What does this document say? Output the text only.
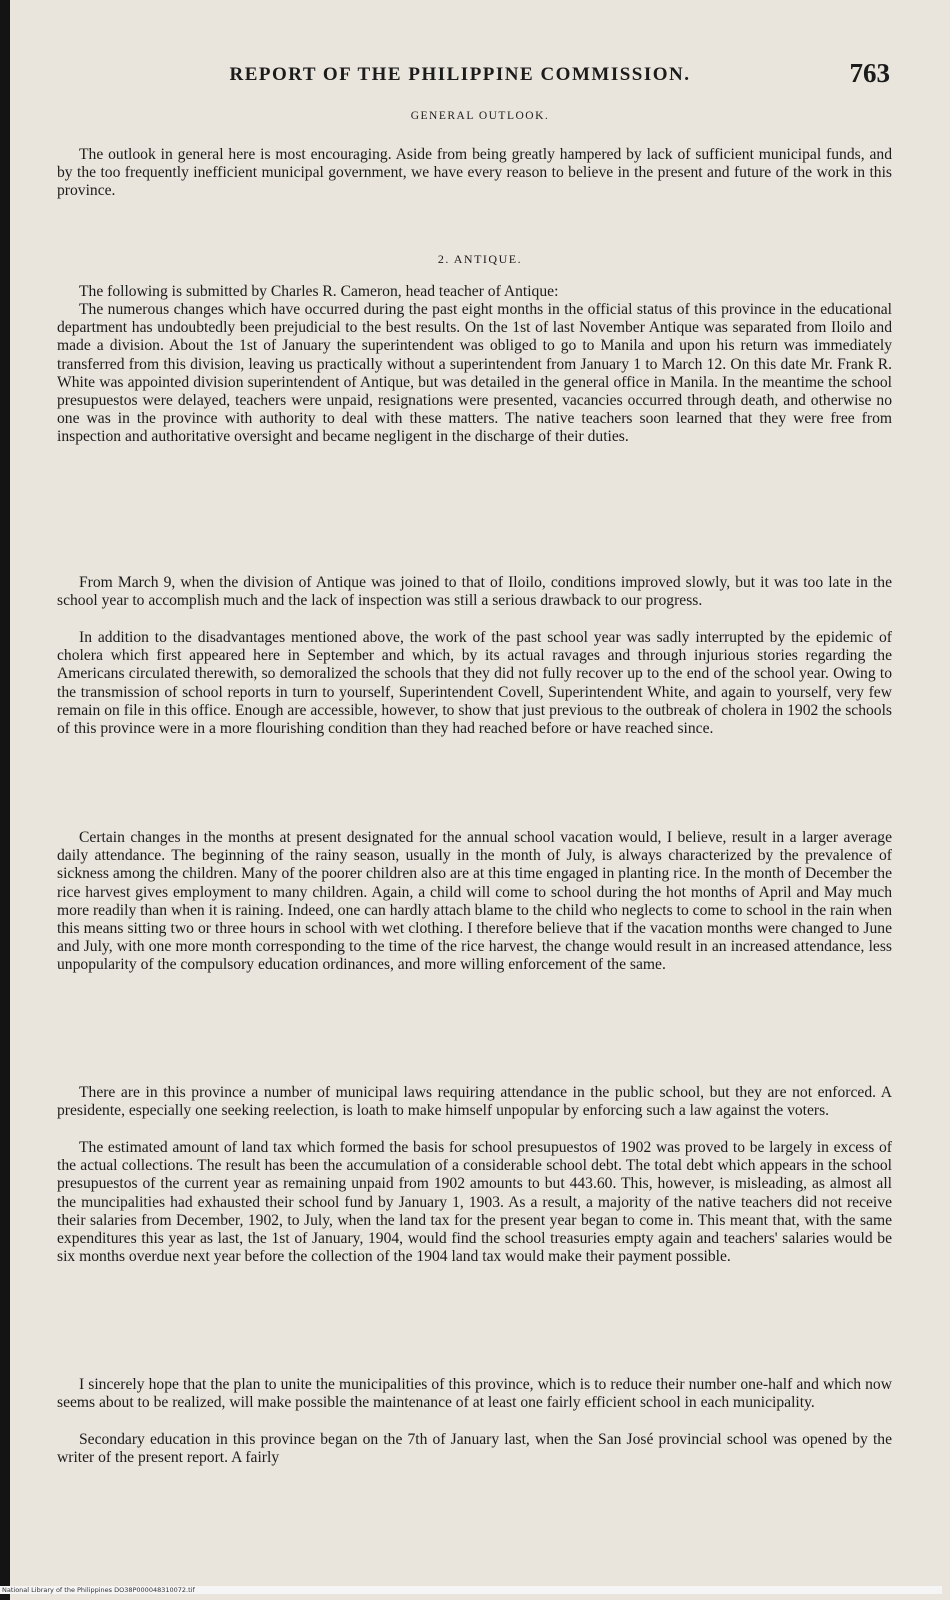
REPORT OF THE PHILIPPINE COMMISSION.	763
GENERAL OUTLOOK.

The outlook in general here is most encouraging. Aside from being greatly hampered by lack of sufficient municipal funds, and by the too frequently inefficient municipal government, we have every reason to believe in the present and future of the work in this province.

2. ANTIQUE.

The following is submitted by Charles R. Cameron, head teacher of Antique:

The numerous changes which have occurred during the past eight months in the official status of this province in the educational department has undoubtedly been prejudicial to the best results. On the 1st of last November Antique was separated from Iloilo and made a division. About the 1st of January the superintendent was obliged to go to Manila and upon his return was immediately transferred from this division, leaving us practically without a superintendent from January 1 to March 12. On this date Mr. Frank R. White was appointed division superintendent of Antique, but was detailed in the general office in Manila. In the meantime the school presupuestos were delayed, teachers were unpaid, resignations were presented, vacancies occurred through death, and otherwise no one was in the province with authority to deal with these matters. The native teachers soon learned that they were free from inspection and authoritative oversight and became negligent in the discharge of their duties.

From March 9, when the division of Antique was joined to that of Iloilo, conditions improved slowly, but it was too late in the school year to accomplish much and the lack of inspection was still a serious drawback to our progress.

In addition to the disadvantages mentioned above, the work of the past school year was sadly interrupted by the epidemic of cholera which first appeared here in September and which, by its actual ravages and through injurious stories regarding the Americans circulated therewith, so demoralized the schools that they did not fully recover up to the end of the school year. Owing to the transmission of school reports in turn to yourself, Superintendent Covell, Superintendent White, and again to yourself, very few remain on file in this office. Enough are accessible, however, to show that just previous to the outbreak of cholera in 1902 the schools of this province were in a more flourishing condition than they had reached before or have reached since.

Certain changes in the months at present designated for the annual school vacation would, I believe, result in a larger average daily attendance. The beginning of the rainy season, usually in the month of July, is always characterized by the prevalence of sickness among the children. Many of the poorer children also are at this time engaged in planting rice. In the month of December the rice harvest gives employment to many children. Again, a child will come to school during the hot months of April and May much more readily than when it is raining. Indeed, one can hardly attach blame to the child who neglects to come to school in the rain when this means sitting two or three hours in school with wet clothing. I therefore believe that if the vacation months were changed to June and July, with one more month corresponding to the time of the rice harvest, the change would result in an increased attendance, less unpopularity of the compulsory education ordinances, and more willing enforcement of the same.

There are in this province a number of municipal laws requiring attendance in the public school, but they are not enforced. A presidente, especially one seeking reelection, is loath to make himself unpopular by enforcing such a law against the voters.

The estimated amount of land tax which formed the basis for school presupuestos of 1902 was proved to be largely in excess of the actual collections. The result has been the accumulation of a considerable school debt. The total debt which appears in the school presupuestos of the current year as remaining unpaid from 1902 amounts to but 443.60. This, however, is misleading, as almost all the muncipalities had exhausted their school fund by January 1, 1903. As a result, a majority of the native teachers did not receive their salaries from December, 1902, to July, when the land tax for the present year began to come in. This meant that, with the same expenditures this year as last, the 1st of January, 1904, would find the school treasuries empty again and teachers' salaries would be six months overdue next year before the collection of the 1904 land tax would make their payment possible.

I sincerely hope that the plan to unite the municipalities of this province, which is to reduce their number one-half and which now seems about to be realized, will make possible the maintenance of at least one fairly efficient school in each municipality.

Secondary education in this province began on the 7th of January last, when the San José provincial school was opened by the writer of the present report. A fairly

National Library of the Philippines DO38P000048310072.tif
